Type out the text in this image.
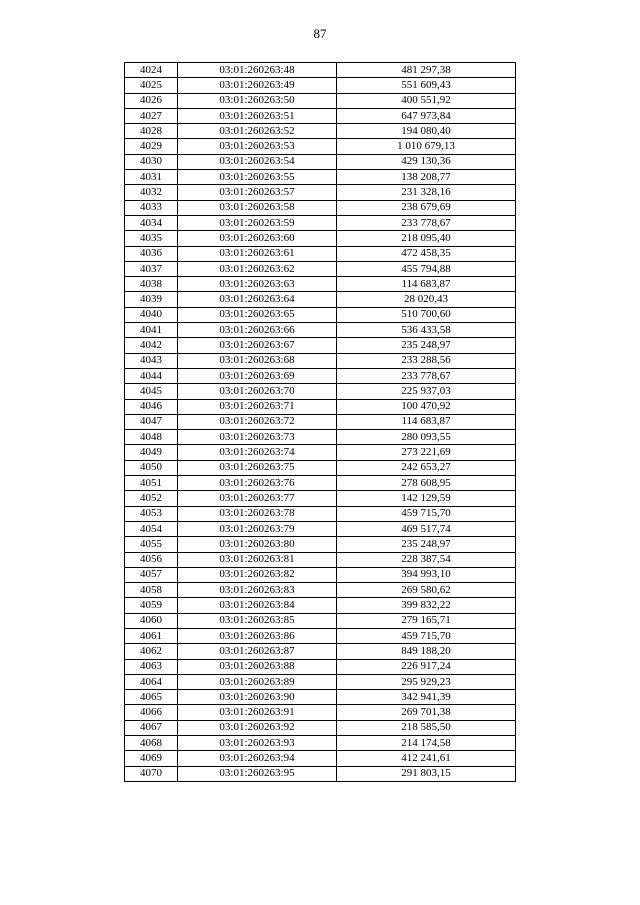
87
4024	03:01:260263:48	481 297,38
4025	03:01:260263:49	551 609,43
4026	03:01:260263:50	400 551,92
4027	03:01:260263:51	647 973,84
4028	03:01:260263:52	194 080,40
4029	03:01:260263:53	1 010 679,13
4030	03:01:260263:54	429 130,36
4031	03:01:260263:55	138 208,77
4032	03:01:260263:57	231 328,16
4033	03:01:260263:58	238 679,69
4034	03:01:260263:59	233 778,67
4035	03:01:260263:60	218 095,40
4036	03:01:260263:61	472 458,35
4037	03:01:260263:62	455 794,88
4038	03:01:260263:63	114 683,87
4039	03:01:260263:64	28 020,43
4040	03:01:260263:65	510 700,60
4041	03:01:260263:66	536 433,58
4042	03:01:260263:67	235 248,97
4043	03:01:260263:68	233 288,56
4044	03:01:260263:69	233 778,67
4045	03:01:260263:70	225 937,03
4046	03:01:260263:71	100 470,92
4047	03:01:260263:72	114 683,87
4048	03:01:260263:73	280 093,55
4049	03:01:260263:74	273 221,69
4050	03:01:260263:75	242 653,27
4051	03:01:260263:76	278 608,95
4052	03:01:260263:77	142 129,59
4053	03:01:260263:78	459 715,70
4054	03:01:260263:79	469 517,74
4055	03:01:260263:80	235 248,97
4056	03:01:260263:81	228 387,54
4057	03:01:260263:82	394 993,10
4058	03:01:260263:83	269 580,62
4059	03:01:260263:84	399 832,22
4060	03:01:260263:85	279 165,71
4061	03:01:260263:86	459 715,70
4062	03:01:260263:87	849 188,20
4063	03:01:260263:88	226 917,24
4064	03:01:260263:89	295 929,23
4065	03:01:260263:90	342 941,39
4066	03:01:260263:91	269 701,38
4067	03:01:260263:92	218 585,50
4068	03:01:260263:93	214 174,58
4069	03:01:260263:94	412 241,61
4070	03:01:260263:95	291 803,15
